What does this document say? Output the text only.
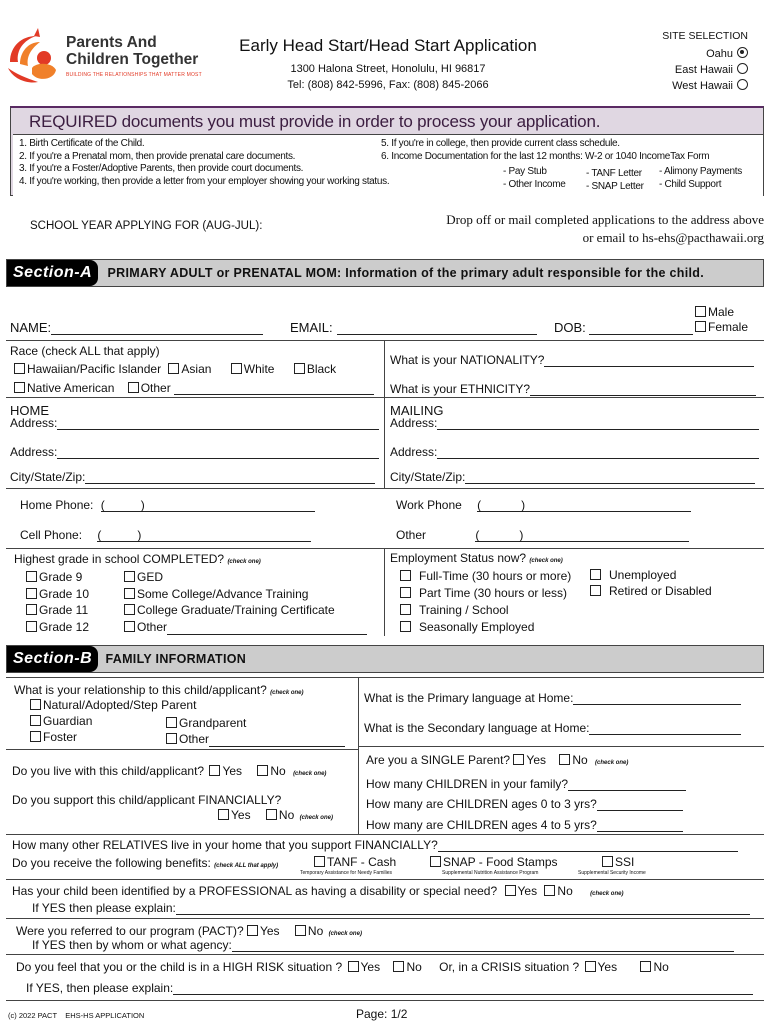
Parents And
Children Together
BUILDING THE RELATIONSHIPS THAT MATTER MOST
Early Head Start/Head Start Application
1300 Halona Street, Honolulu, HI 96817
Tel: (808) 842-5996, Fax: (808) 845-2066
SITE SELECTION
Oahu
East Hawaii
West Hawaii
REQUIRED documents you must provide in order to process your application.
1. Birth Certificate of the Child.
2. If you're a Prenatal mom, then provide prenatal care documents.
3. If you're a Foster/Adoptive Parents, then provide court documents.
4. If you're working, then provide a letter from your employer showing your working status.
5. If you're in college, then provide current class schedule.
6. Income Documentation for the last 12 months: W-2 or 1040 IncomeTax Form
- Pay Stub
- Other Income
- TANF Letter
- SNAP Letter
- Alimony Payments
- Child Support
SCHOOL YEAR APPLYING FOR (AUG-JUL):	Drop off or mail completed applications to the address above
or email to hs-ehs@pacthawaii.org
Section-A PRIMARY ADULT or PRENATAL MOM: Information of the primary adult responsible for the child.
NAME:	EMAIL:	DOB:
Male
Female
Race (check ALL that apply)
Hawaiian/Pacific Islander Asian	White	Black
Native American Other
What is your NATIONALITY?
What is your ETHNICITY?
HOME	MAILING
Address:	Address:
Address:	Address:
City/State/Zip:	City/State/Zip:
Home Phone: (	)	Work Phone (	)
Cell Phone: (	)	Other	(	)
Highest grade in school COMPLETED? (check one)
Grade 9
Grade 10
Grade 11
Grade 12
GED
Some College/Advance Training
College Graduate/Training Certificate
Other
Employment Status now? (check one)
Full-Time (30 hours or more)
Part Time (30 hours or less)
Training / School
Seasonally Employed
Unemployed
Retired or Disabled
Section-B FAMILY INFORMATION
What is your relationship to this child/applicant? (check one)
Natural/Adopted/Step Parent
Guardian
Foster
Grandparent
Other
What is the Primary language at Home:
What is the Secondary language at Home:
Are you a SINGLE Parent? Yes No (check one)
How many CHILDREN in your family?
How many are CHILDREN ages 0 to 3 yrs?
How many are CHILDREN ages 4 to 5 yrs?
Do you live with this child/applicant? Yes No (check one)
Do you support this child/applicant FINANCIALLY?
Yes No (check one)
How many other RELATIVES live in your home that you support FINANCIALLY?
Do you receive the following benefits: (check ALL that apply)	TANF - Cash
Temporary Assistance for Needy Families
SNAP - Food Stamps
Supplemental Nutrition Assistance Program
SSI
Supplemental Security Income
Has your child been identified by a PROFESSIONAL as having a disability or special need? Yes No	(check one)
If YES then please explain:
Were you referred to our program (PACT)? Yes No (check one)
If YES then by whom or what agency:
Do you feel that you or the child is in a HIGH RISK situation ? Yes No Or, in a CRISIS situation ? Yes	No
If YES, then please explain:
(c) 2022 PACT    EHS-HS APPLICATION	Page: 1/2
